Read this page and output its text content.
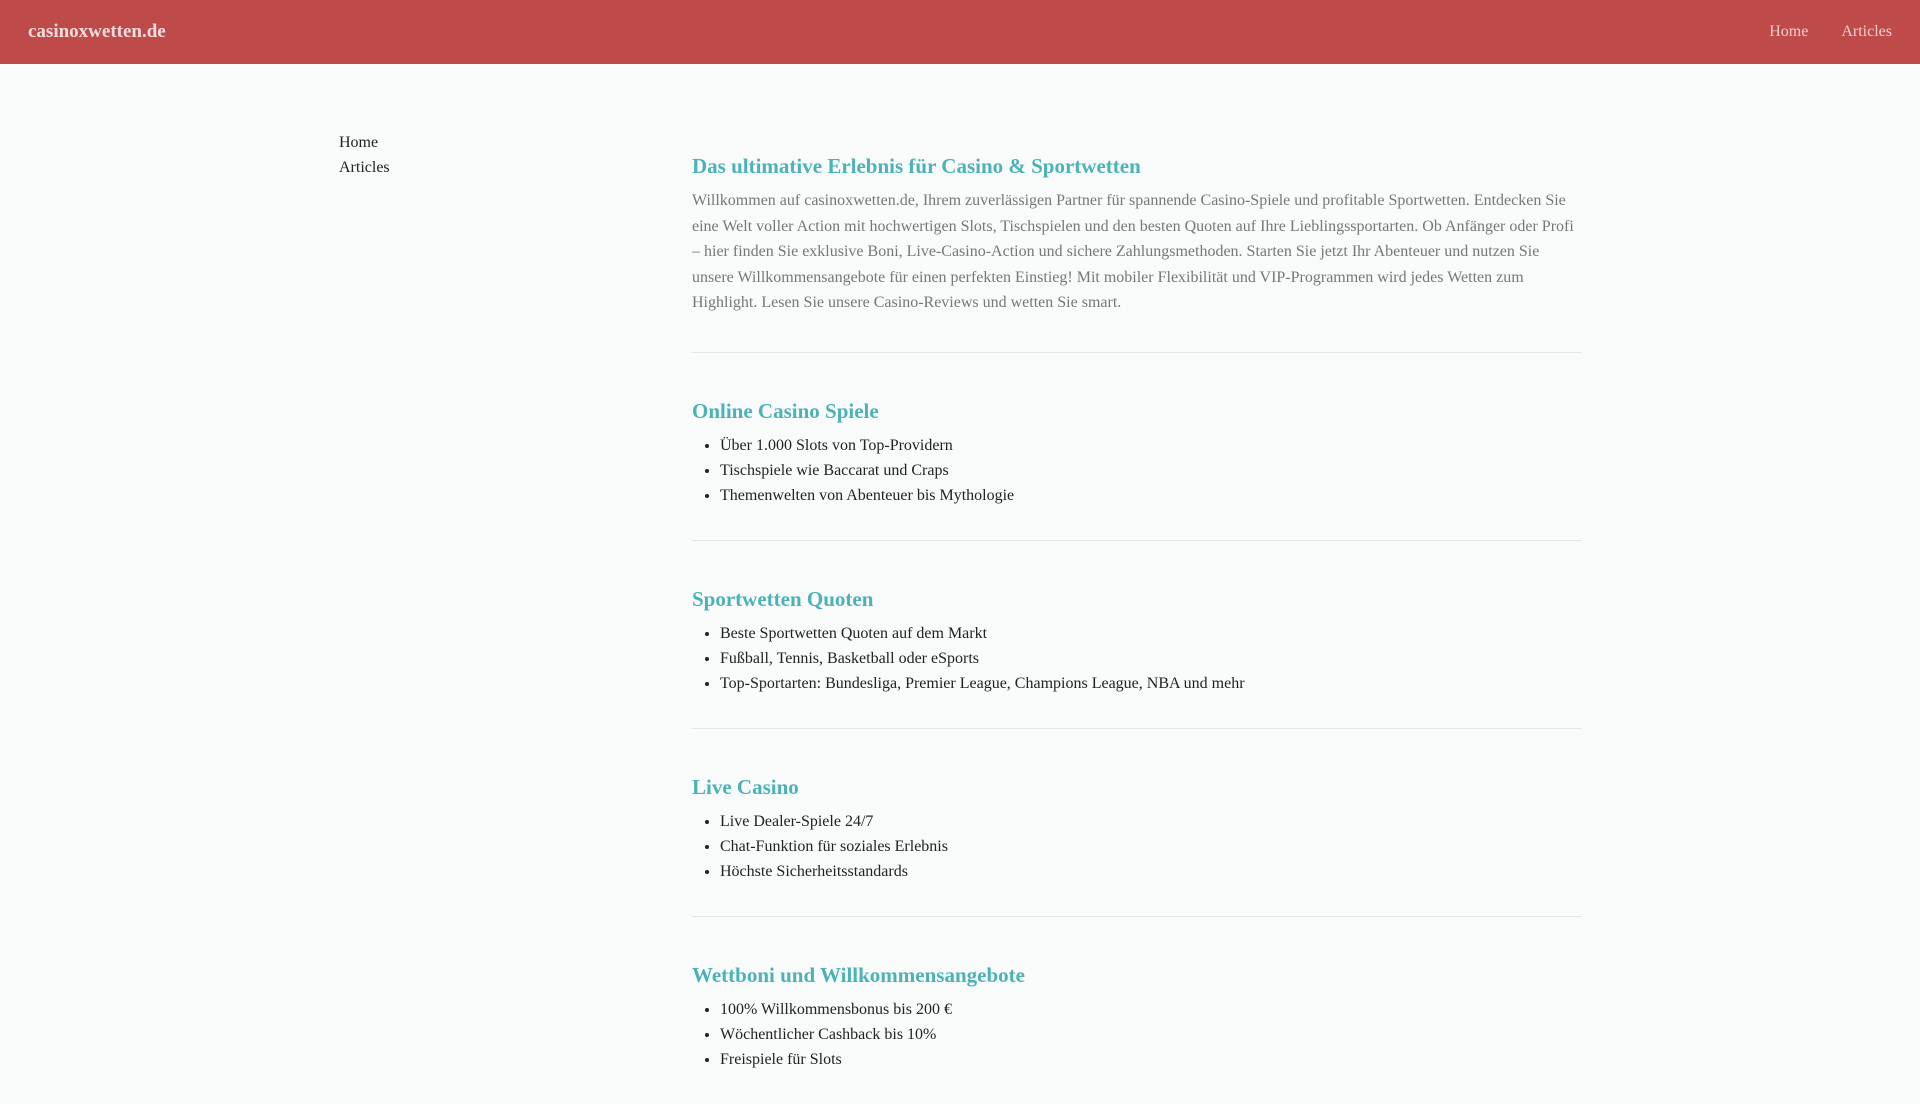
casinoxwetten.de	Home Articles
Home
Articles	Das ultimative Erlebnis für Casino & Sportwetten

Willkommen auf casinoxwetten.de, Ihrem zuverlässigen Partner für spannende Casino-Spiele und profitable Sportwetten. Entdecken Sie eine Welt voller Action mit hochwertigen Slots, Tischspielen und den besten Quoten auf Ihre Lieblingssportarten. Ob Anfänger oder Profi – hier finden Sie exklusive Boni, Live-Casino-Action und sichere Zahlungsmethoden. Starten Sie jetzt Ihr Abenteuer und nutzen Sie unsere Willkommensangebote für einen perfekten Einstieg! Mit mobiler Flexibilität und VIP-Programmen wird jedes Wetten zum Highlight. Lesen Sie unsere Casino-Reviews und wetten Sie smart.

Online Casino Spiele
• Über 1.000 Slots von Top-Providern
• Tischspiele wie Baccarat und Craps
• Themenwelten von Abenteuer bis Mythologie
Sportwetten Quoten
• Beste Sportwetten Quoten auf dem Markt
• Fußball, Tennis, Basketball oder eSports
• Top-Sportarten: Bundesliga, Premier League, Champions League, NBA und mehr
Live Casino
• Live Dealer-Spiele 24/7
• Chat-Funktion für soziales Erlebnis
• Höchste Sicherheitsstandards
Wettboni und Willkommensangebote
• 100% Willkommensbonus bis 200 €
• Wöchentlicher Cashback bis 10%
• Freispiele für Slots
